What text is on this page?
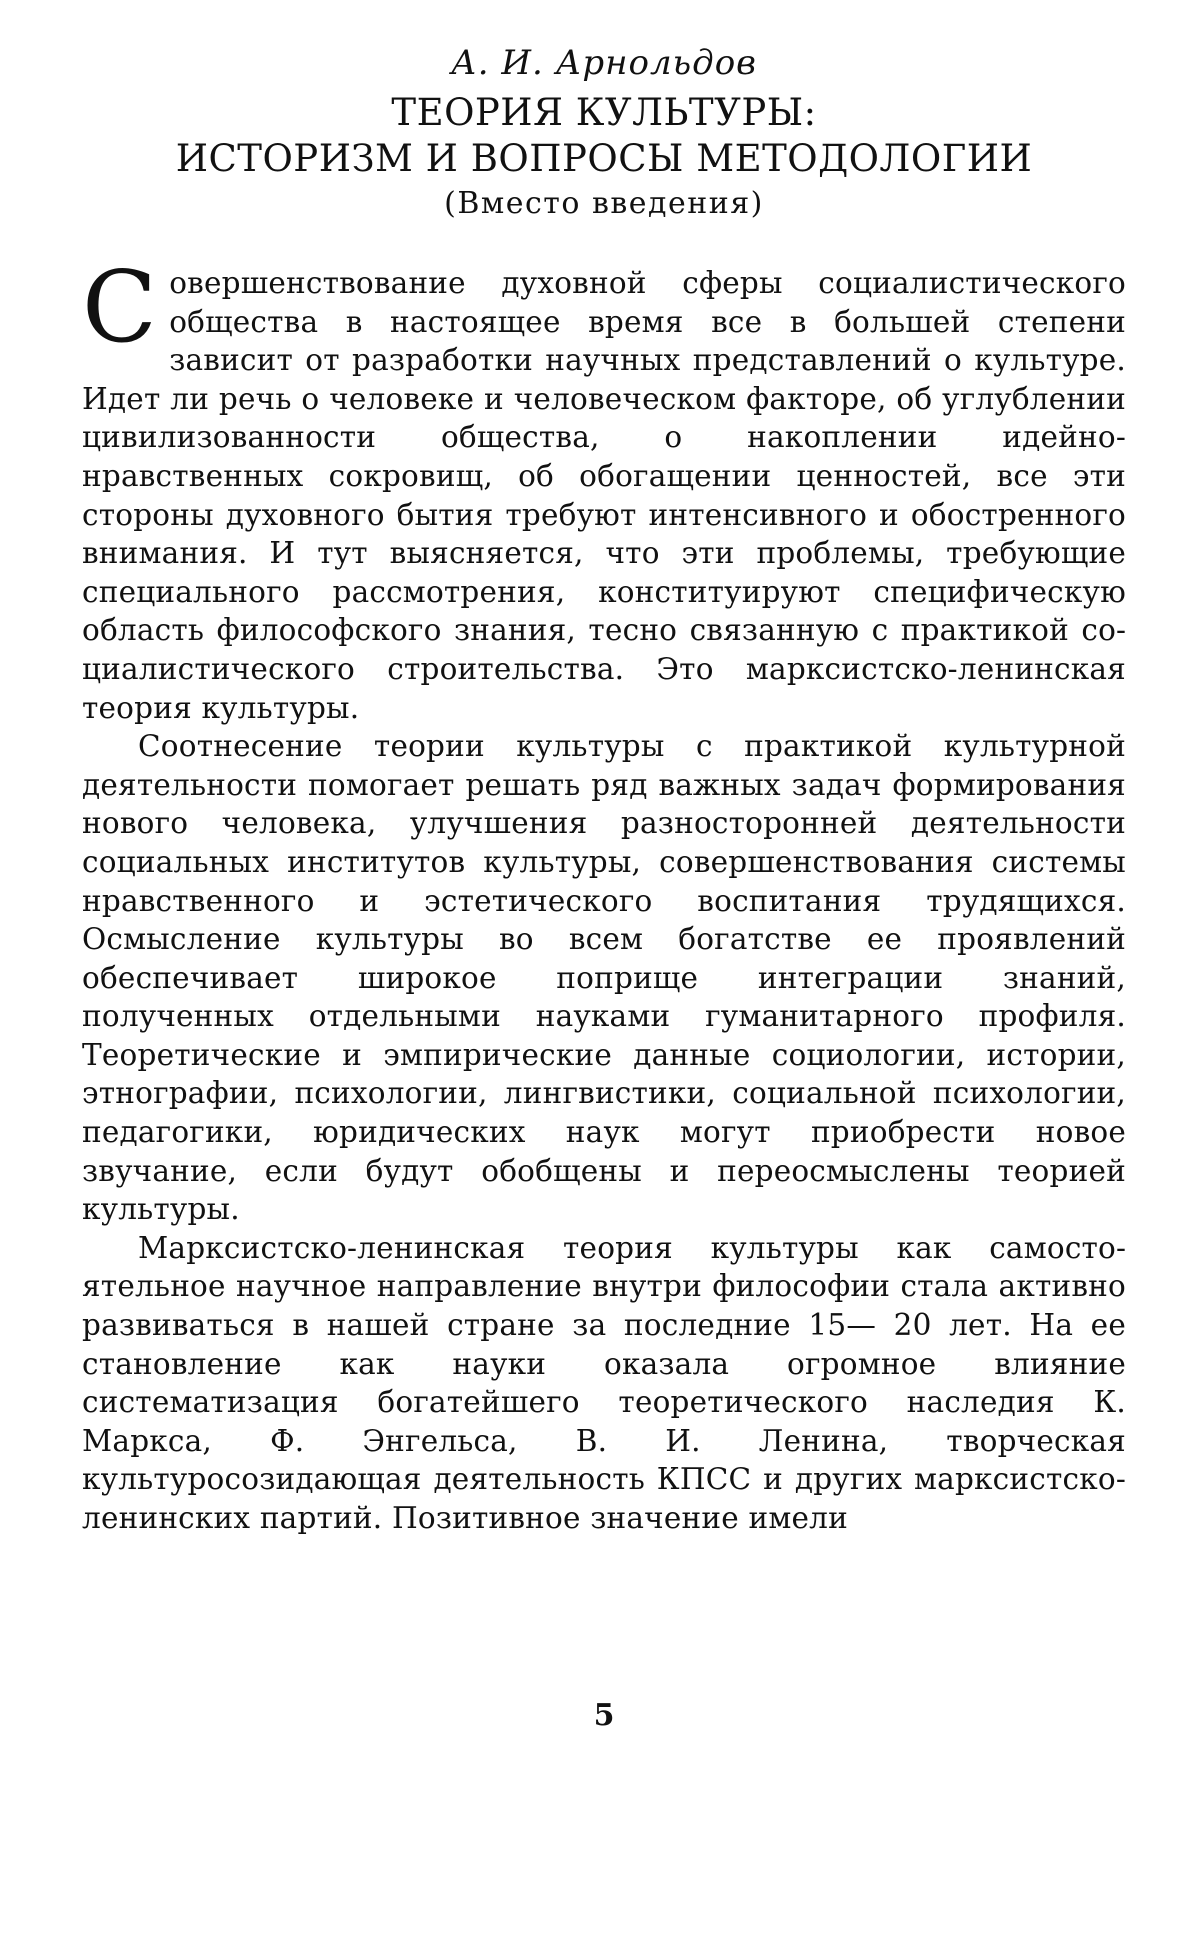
А. И. Арнольдов

ТЕОРИЯ КУЛЬТУРЫ:
ИСТОРИЗМ И ВОПРОСЫ МЕТОДОЛОГИИ

(Вместо введения)

Совершенствование духовной сферы социалистического общества в настоящее время все в большей степени зависит от разработки научных представлений о культуре. Идет ли речь о человеке и человеческом факторе, об углублении цивилизованности общества, о накоплении идейно-нравственных сокровищ, об обогащении ценностей, все эти стороны духовного бытия требуют интенсивного и обостренного внимания. И тут выясняется, что эти проблемы, требующие специального рассмотрения, конституируют специфическую область философского знания, тесно связанную с практикой социалистического строительства. Это марксистско-ленинская теория культуры.

Соотнесение теории культуры с практикой культурной деятельности помогает решать ряд важных задач формирования нового человека, улучшения разносторонней деятельности социальных институтов культуры, совершенствования системы нравственного и эстетического воспитания трудящихся. Осмысление культуры во всем богатстве ее проявлений обеспечивает широкое поприще интеграции знаний, полученных отдельными науками гуманитарного профиля. Теоретические и эмпирические данные социологии, истории, этнографии, психологии, лингвистики, социальной психологии, педагогики, юридических наук могут приобрести новое звучание, если будут обобщены и переосмыслены теорией культуры.

Марксистско-ленинская теория культуры как самостоятельное научное направление внутри философии стала активно развиваться в нашей стране за последние 15— 20 лет. На ее становление как науки оказала огромное влияние систематизация богатейшего теоретического наследия К. Маркса, Ф. Энгельса, В. И. Ленина, творческая культуросозидающая деятельность КПСС и других марксистско-ленинских партий. Позитивное значение имели

5
